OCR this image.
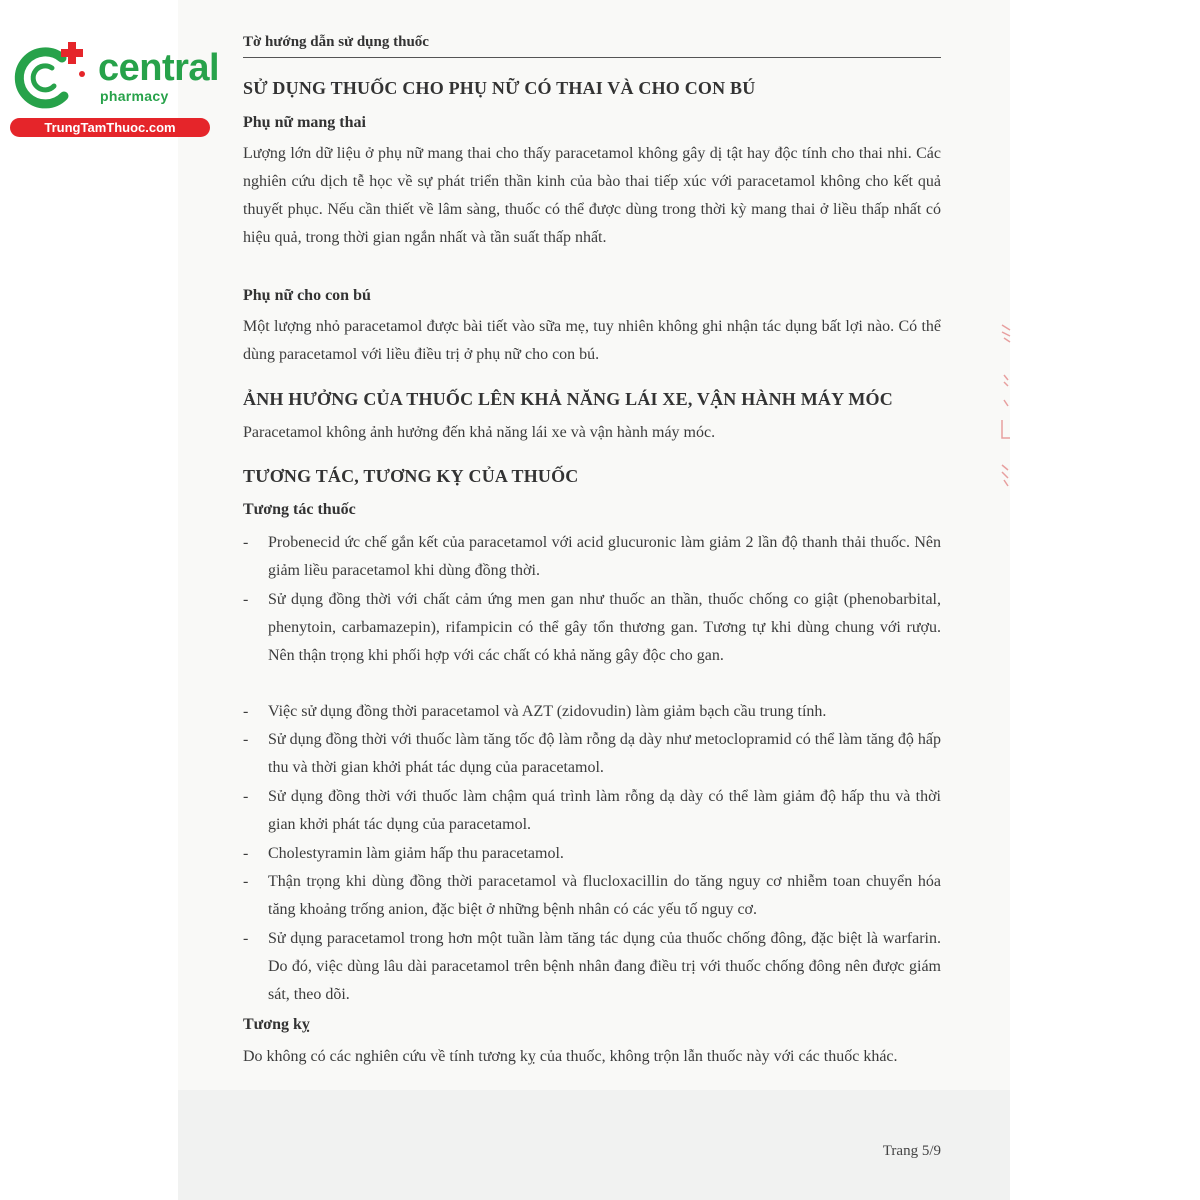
central
pharmacy
TrungTamThuoc.com
Tờ hướng dẫn sử dụng thuốc
SỬ DỤNG THUỐC CHO PHỤ NỮ CÓ THAI VÀ CHO CON BÚ
Phụ nữ mang thai
Lượng lớn dữ liệu ở phụ nữ mang thai cho thấy paracetamol không gây dị tật hay độc tính cho thai nhi. Các nghiên cứu dịch tễ học về sự phát triển thần kinh của bào thai tiếp xúc với paracetamol không cho kết quả thuyết phục. Nếu cần thiết về lâm sàng, thuốc có thể được dùng trong thời kỳ mang thai ở liều thấp nhất có hiệu quả, trong thời gian ngắn nhất và tần suất thấp nhất.
Phụ nữ cho con bú
Một lượng nhỏ paracetamol được bài tiết vào sữa mẹ, tuy nhiên không ghi nhận tác dụng bất lợi nào. Có thể dùng paracetamol với liều điều trị ở phụ nữ cho con bú.
ẢNH HƯỞNG CỦA THUỐC LÊN KHẢ NĂNG LÁI XE, VẬN HÀNH MÁY MÓC
Paracetamol không ảnh hưởng đến khả năng lái xe và vận hành máy móc.
TƯƠNG TÁC, TƯƠNG KỴ CỦA THUỐC
Tương tác thuốc
- Probenecid ức chế gắn kết của paracetamol với acid glucuronic làm giảm 2 lần độ thanh thải thuốc. Nên giảm liều paracetamol khi dùng đồng thời.
- Sử dụng đồng thời với chất cảm ứng men gan như thuốc an thần, thuốc chống co giật (phenobarbital, phenytoin, carbamazepin), rifampicin có thể gây tổn thương gan. Tương tự khi dùng chung với rượu. Nên thận trọng khi phối hợp với các chất có khả năng gây độc cho gan.
- Việc sử dụng đồng thời paracetamol và AZT (zidovudin) làm giảm bạch cầu trung tính.
- Sử dụng đồng thời với thuốc làm tăng tốc độ làm rỗng dạ dày như metoclopramid có thể làm tăng độ hấp thu và thời gian khởi phát tác dụng của paracetamol.
- Sử dụng đồng thời với thuốc làm chậm quá trình làm rỗng dạ dày có thể làm giảm độ hấp thu và thời gian khởi phát tác dụng của paracetamol.
- Cholestyramin làm giảm hấp thu paracetamol.
- Thận trọng khi dùng đồng thời paracetamol và flucloxacillin do tăng nguy cơ nhiễm toan chuyển hóa tăng khoảng trống anion, đặc biệt ở những bệnh nhân có các yếu tố nguy cơ.
- Sử dụng paracetamol trong hơn một tuần làm tăng tác dụng của thuốc chống đông, đặc biệt là warfarin. Do đó, việc dùng lâu dài paracetamol trên bệnh nhân đang điều trị với thuốc chống đông nên được giám sát, theo dõi.
Tương kỵ
Do không có các nghiên cứu về tính tương kỵ của thuốc, không trộn lẫn thuốc này với các thuốc khác.
Trang 5/9
